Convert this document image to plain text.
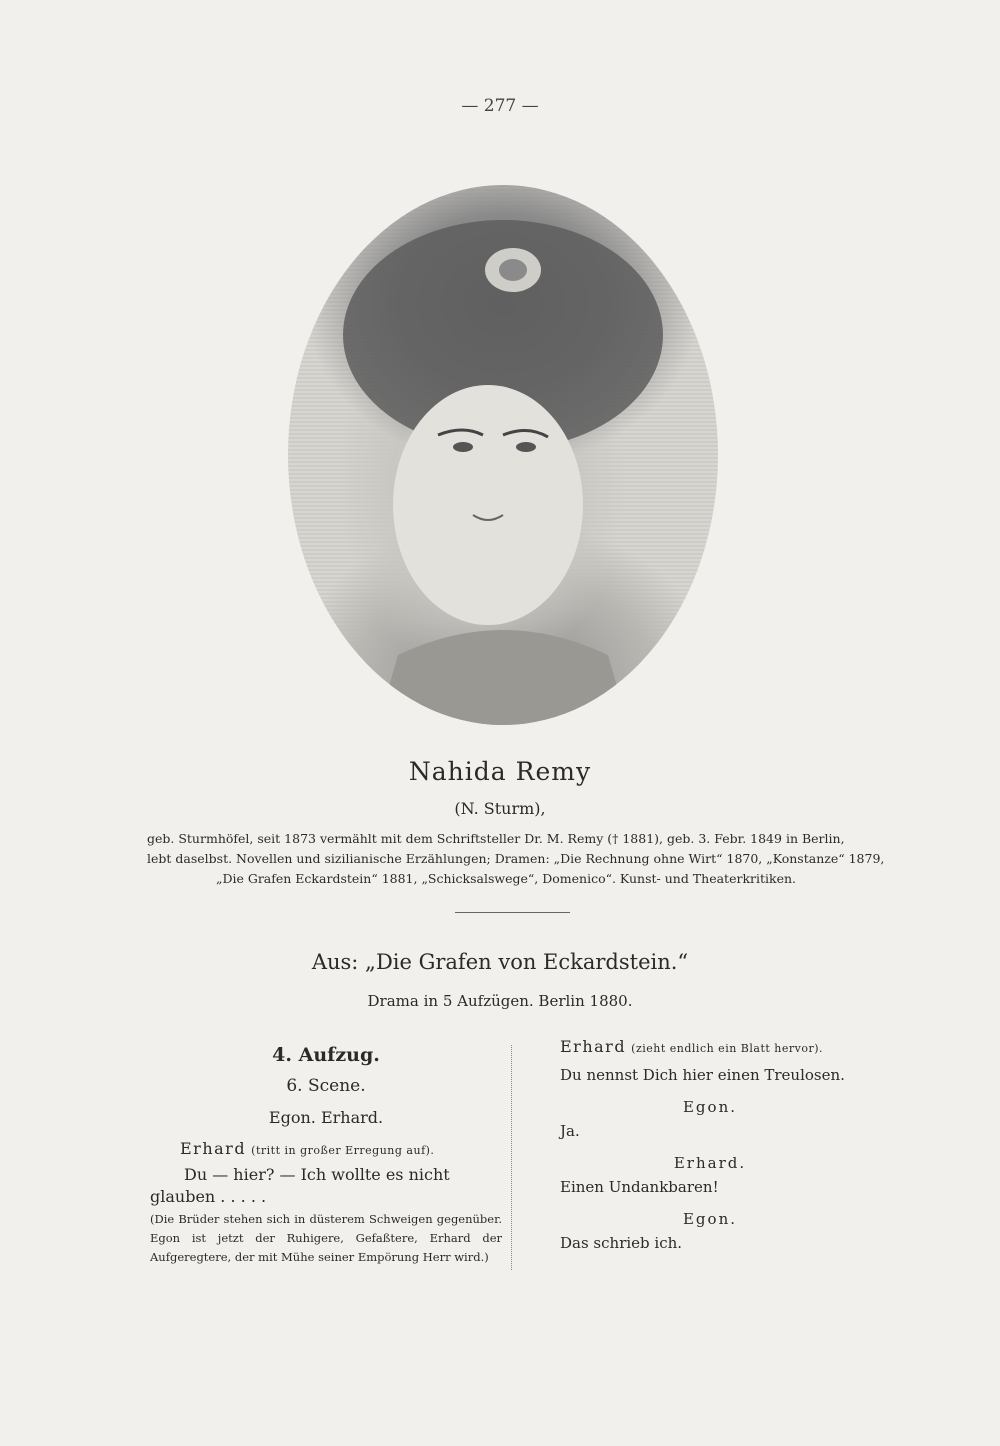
— 277 —
Nahida Remy
(N. Sturm),
geb. Sturmhöfel, seit 1873 vermählt mit dem Schriftsteller Dr. M. Remy († 1881), geb. 3. Febr. 1849 in Berlin,
lebt daselbst. Novellen und sizilianische Erzählungen; Dramen: „Die Rechnung ohne Wirt“ 1870, „Konstanze“ 1879,
„Die Grafen Eckardstein“ 1881, „Schicksalswege“, Domenico“. Kunst- und Theaterkritiken.
Aus: „Die Grafen von Eckardstein.“
Drama in 5 Aufzügen. Berlin 1880.
4. Aufzug.
6. Scene.
Egon. Erhard.
Erhard (tritt in großer Erregung auf).
Du — hier? — Ich wollte es nicht
glauben . . . . .
(Die Brüder stehen sich in düsterem Schweigen gegenüber. Egon ist jetzt der Ruhigere, Gefaßtere, Erhard der Aufgeregtere, der mit Mühe seiner Empörung Herr wird.)
Erhard (zieht endlich ein Blatt hervor).
Du nennst Dich hier einen Treulosen.
Egon.
Ja.
Erhard.
Einen Undankbaren!
Egon.
Das schrieb ich.
